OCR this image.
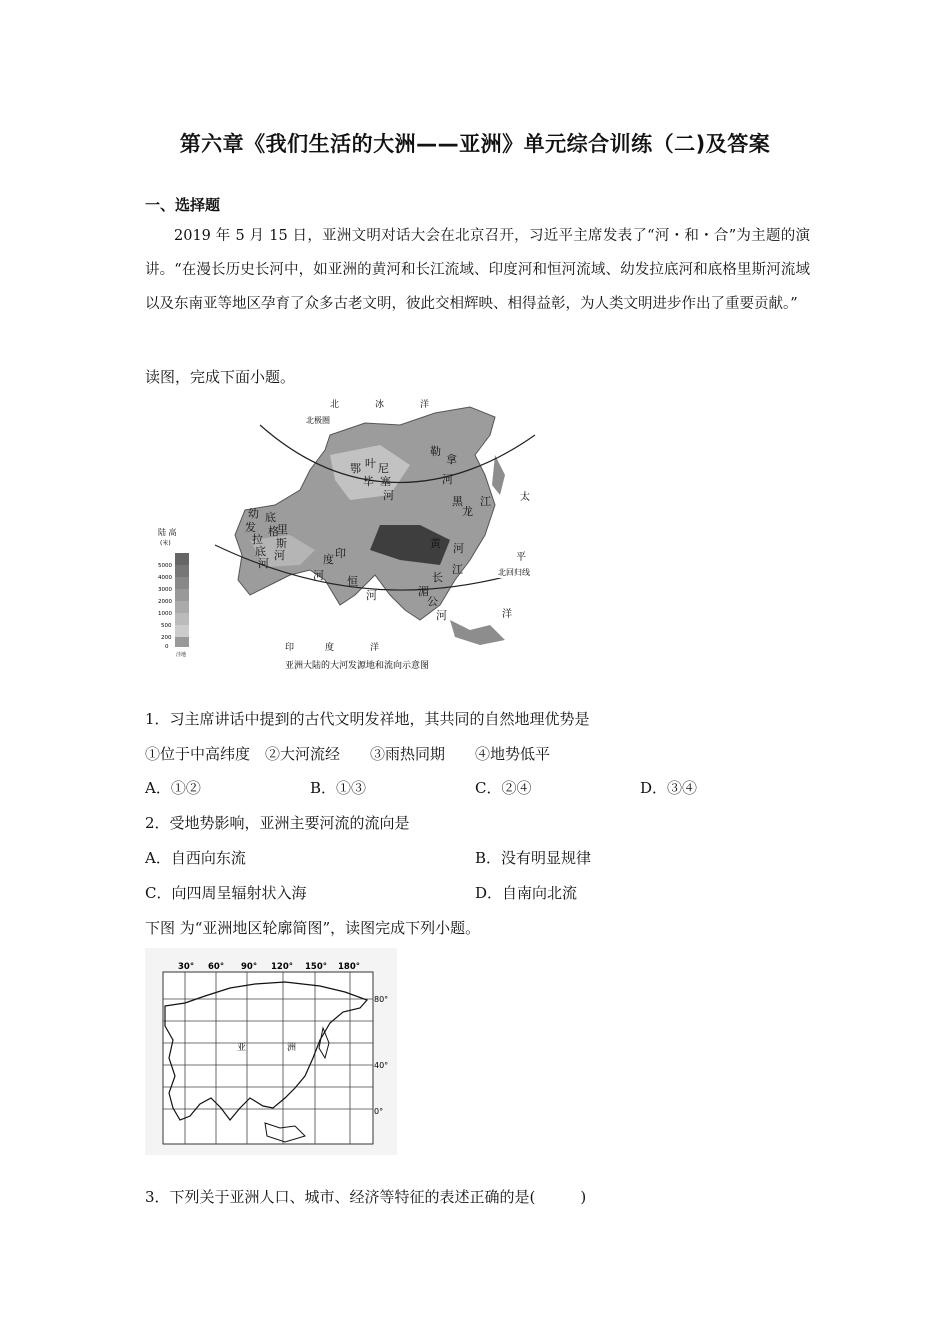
第六章《我们生活的大洲——亚洲》单元综合训练（二)及答案
一、选择题
2019 年 5 月 15 日，亚洲文明对话大会在北京召开，习近平主席发表了“河・和・合”为主题的演讲。“在漫长历史长河中，如亚洲的黄河和长江流域、印度河和恒河流域、幼发拉底河和底格里斯河流域以及东南亚等地区孕育了众多古老文明，彼此交相辉映、相得益彰，为人类文明进步作出了重要贡献。”
读图，完成下面小题。
北极圈
北回归线
北	冰	洋
太
平
洋
印	度	洋
叶 尼
塞
河
鄂
毕
勒
拿
河
黑
龙
江
幼
发
拉
底
底
格
里
斯
河
河	印
度
河 恒
河
黄 河
长
江
湄
公
河
陆 高
(米)
5000
4000
3000
2000
1000
500
200
0
洼地
亚洲大陆的大河发源地和流向示意图
1．习主席讲话中提到的古代文明发祥地，其共同的自然地理优势是
①位于中高纬度　②大河流经　　③雨热同期　　④地势低平
A．①②	B．①③	C．②④	D．③④
2．受地势影响，亚洲主要河流的流向是
A．自西向东流	B．没有明显规律
C．向四周呈辐射状入海	D．自南向北流
下图 为“亚洲地区轮廓简图”，读图完成下列小题。
亚	洲
30° 60° 90° 120° 150° 180°
80°
40°
0°
3．下列关于亚洲人口、城市、经济等特征的表述正确的是(　　　)
